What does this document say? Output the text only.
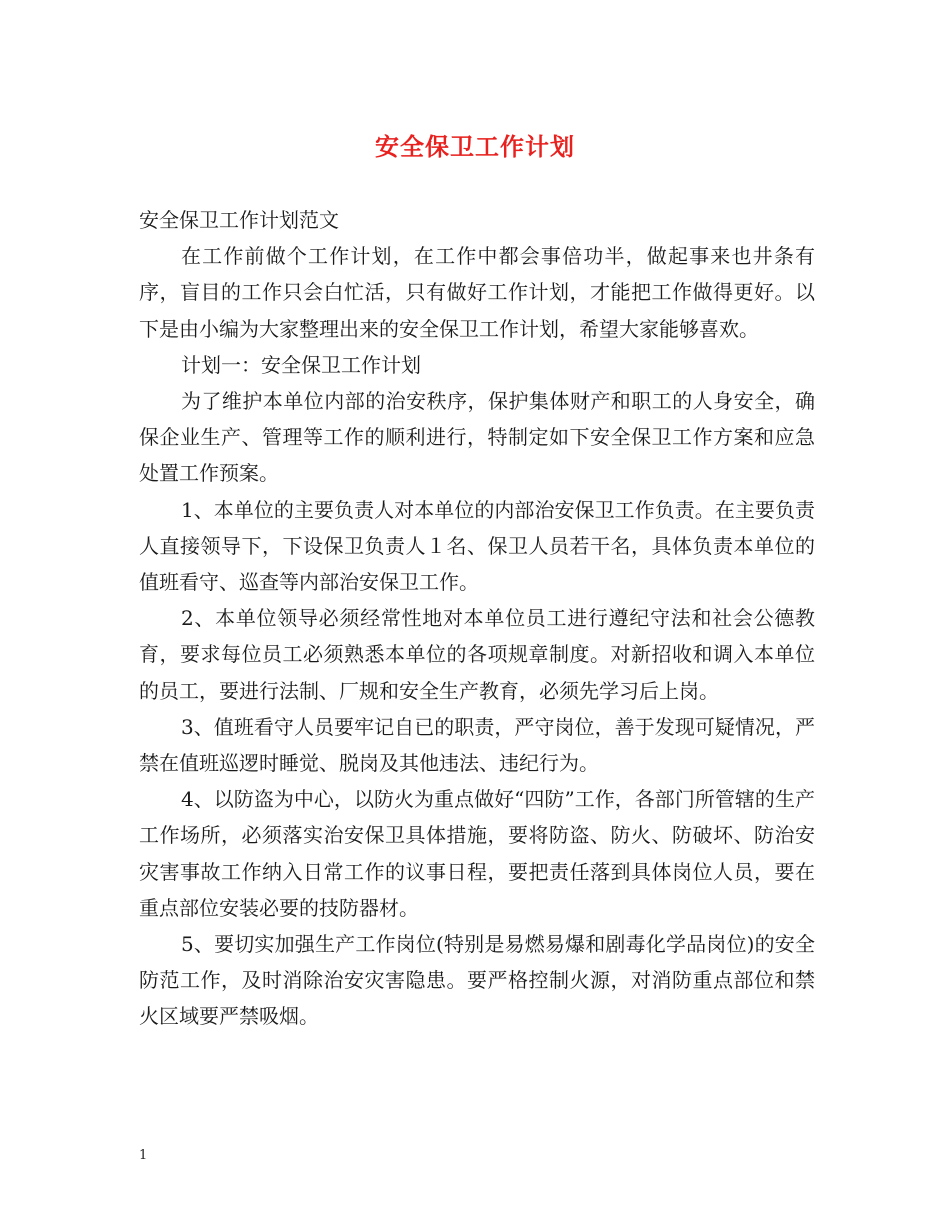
安全保卫工作计划

安全保卫工作计划范文

在工作前做个工作计划，在工作中都会事倍功半，做起事来也井条有序，盲目的工作只会白忙活，只有做好工作计划，才能把工作做得更好。以下是由小编为大家整理出来的安全保卫工作计划，希望大家能够喜欢。

计划一：安全保卫工作计划

为了维护本单位内部的治安秩序，保护集体财产和职工的人身安全，确保企业生产、管理等工作的顺利进行，特制定如下安全保卫工作方案和应急处置工作预案。

1、本单位的主要负责人对本单位的内部治安保卫工作负责。在主要负责人直接领导下，下设保卫负责人１名、保卫人员若干名，具体负责本单位的值班看守、巡查等内部治安保卫工作。

2、本单位领导必须经常性地对本单位员工进行遵纪守法和社会公德教育，要求每位员工必须熟悉本单位的各项规章制度。对新招收和调入本单位的员工，要进行法制、厂规和安全生产教育，必须先学习后上岗。

3、值班看守人员要牢记自已的职责，严守岗位，善于发现可疑情况，严禁在值班巡逻时睡觉、脱岗及其他违法、违纪行为。

4、以防盗为中心，以防火为重点做好“四防”工作，各部门所管辖的生产工作场所，必须落实治安保卫具体措施，要将防盗、防火、防破坏、防治安灾害事故工作纳入日常工作的议事日程，要把责任落到具体岗位人员，要在重点部位安装必要的技防器材。

5、要切实加强生产工作岗位(特别是易燃易爆和剧毒化学品岗位)的安全防范工作，及时消除治安灾害隐患。要严格控制火源，对消防重点部位和禁火区域要严禁吸烟。

1
